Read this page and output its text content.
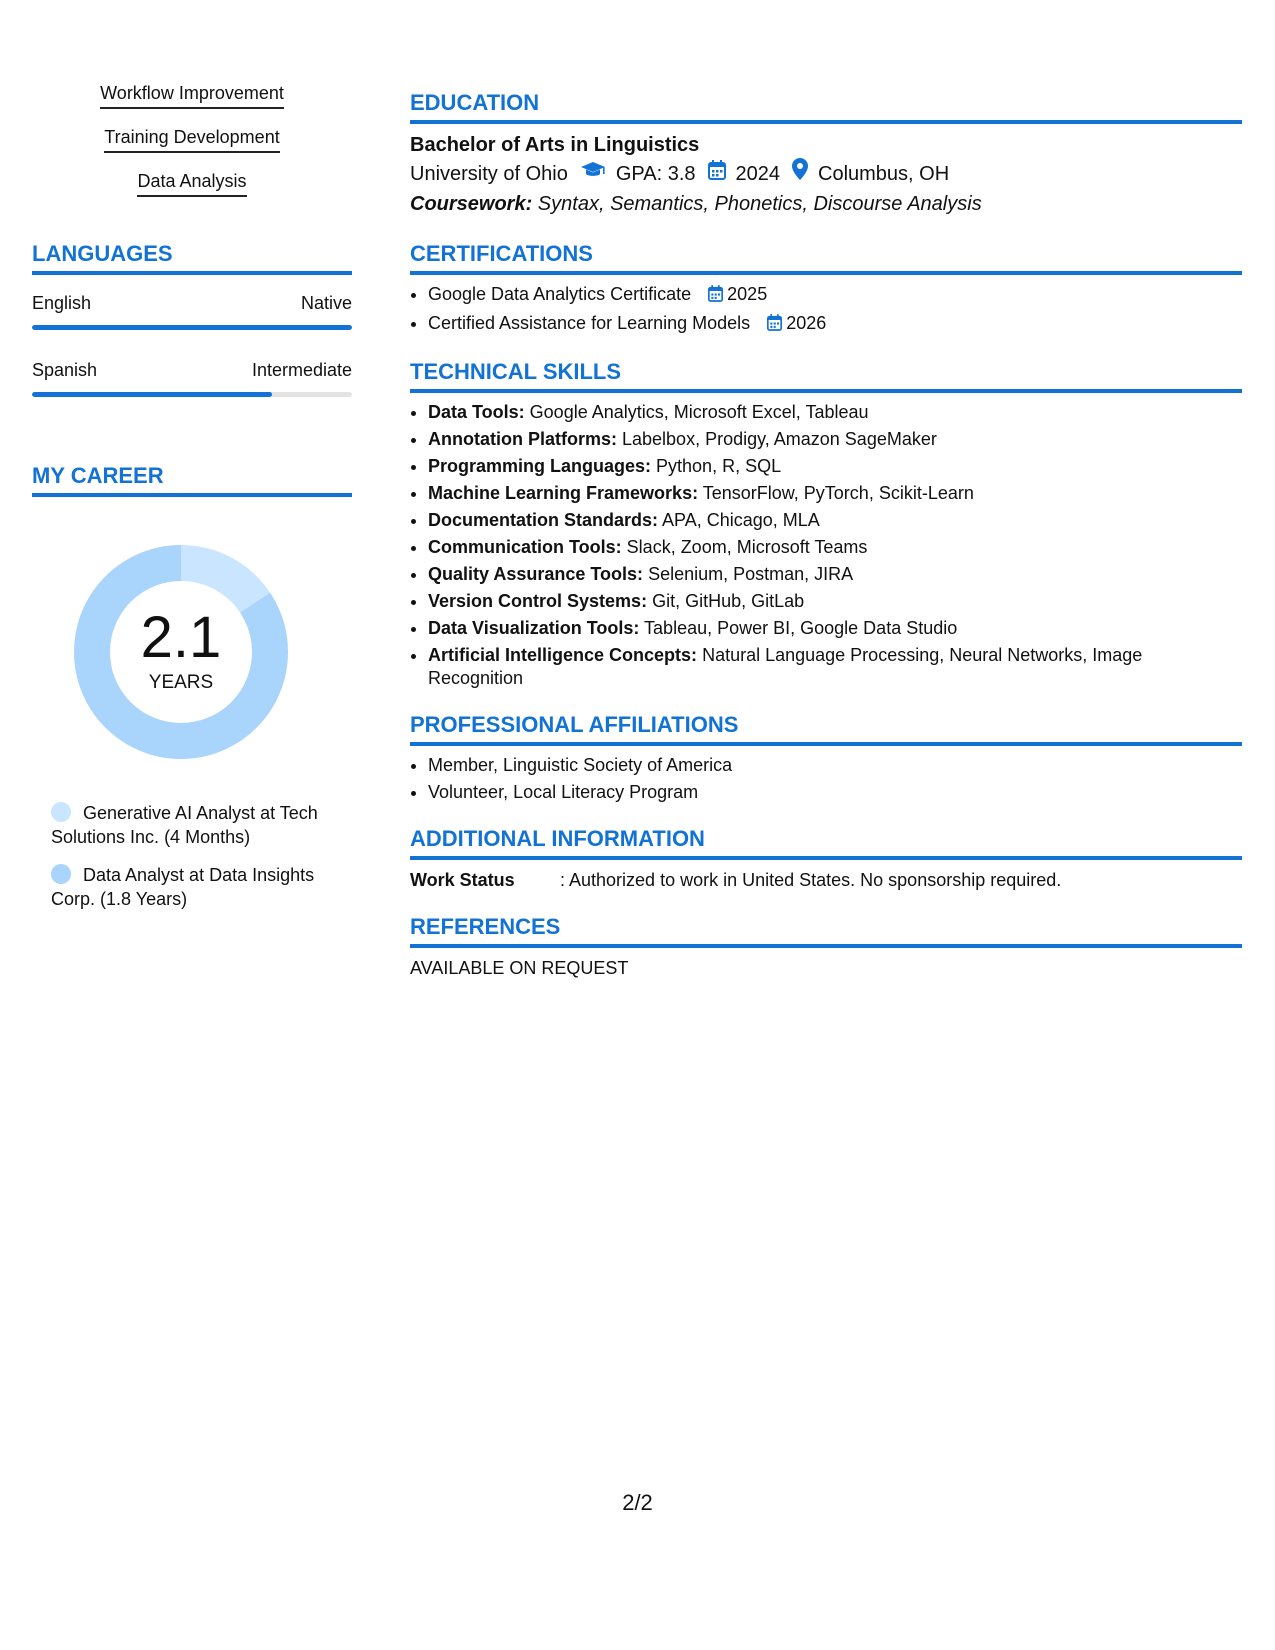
Workflow Improvement
Training Development
Data Analysis
LANGUAGES
English	Native
Spanish	Intermediate
MY CAREER
2.1
YEARS
Generative AI Analyst at Tech Solutions Inc. (4 Months)
Data Analyst at Data Insights Corp. (1.8 Years)
EDUCATION
Bachelor of Arts in Linguistics
University of Ohio GPA: 3.8 2024 Columbus, OH
Coursework: Syntax, Semantics, Phonetics, Discourse Analysis
CERTIFICATIONS
• Google Data Analytics Certificate 2025
• Certified Assistance for Learning Models 2026
TECHNICAL SKILLS
• Data Tools: Google Analytics, Microsoft Excel, Tableau
• Annotation Platforms: Labelbox, Prodigy, Amazon SageMaker
• Programming Languages: Python, R, SQL
• Machine Learning Frameworks: TensorFlow, PyTorch, Scikit-Learn
• Documentation Standards: APA, Chicago, MLA
• Communication Tools: Slack, Zoom, Microsoft Teams
• Quality Assurance Tools: Selenium, Postman, JIRA
• Version Control Systems: Git, GitHub, GitLab
• Data Visualization Tools: Tableau, Power BI, Google Data Studio
• Artificial Intelligence Concepts: Natural Language Processing, Neural Networks, Image Recognition
PROFESSIONAL AFFILIATIONS
• Member, Linguistic Society of America
• Volunteer, Local Literacy Program
ADDITIONAL INFORMATION
Work Status	: Authorized to work in United States. No sponsorship required.
REFERENCES
AVAILABLE ON REQUEST
2/2
